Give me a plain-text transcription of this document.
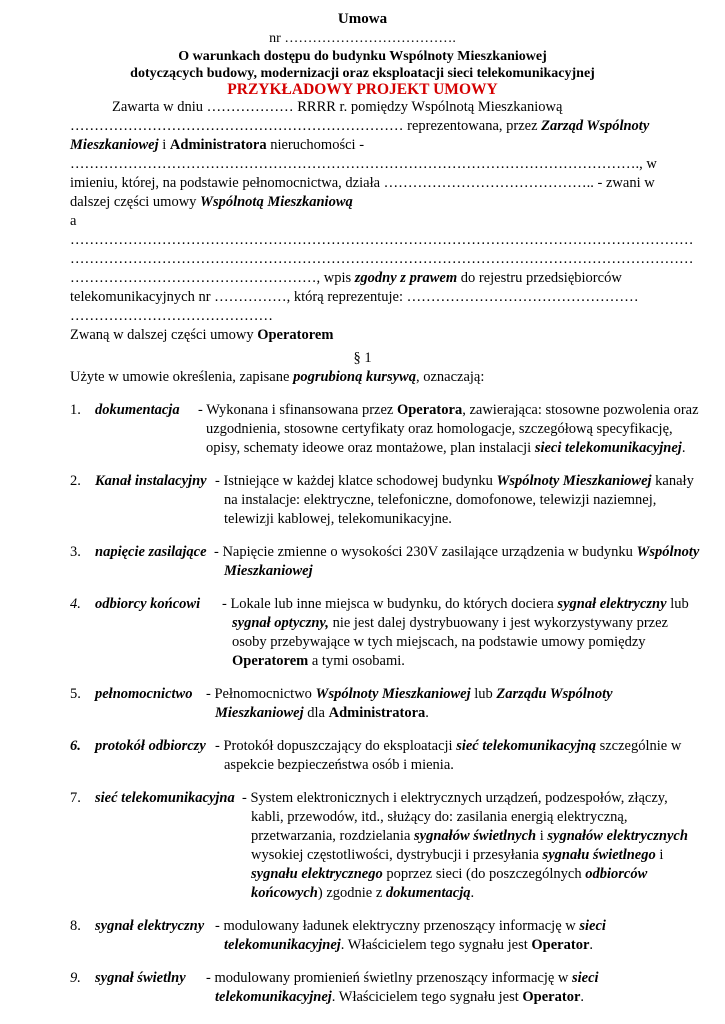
Umowa
nr ……………………………….
O warunkach dostępu do budynku Wspólnoty Mieszkaniowej
dotyczących budowy, modernizacji oraz eksploatacji sieci telekomunikacyjnej
PRZYKŁADOWY PROJEKT UMOWY
Zawarta w dniu ……………… RRRR r. pomiędzy Wspólnotą Mieszkaniową
…………………………………………………………… reprezentowana, przez Zarząd Wspólnoty
Mieszkaniowej i Administratora nieruchomości -
………………………………………………………………………………………………………., w
imieniu, której, na podstawie pełnomocnictwa, działa …………………………………….. - zwani w
dalszej części umowy Wspólnotą Mieszkaniową
a
…………………………………………………………………………………………………………………
…………………………………………………………………………………………………………………
……………………………………………, wpis zgodny z prawem do rejestru przedsiębiorców
telekomunikacyjnych nr ……………, którą reprezentuje: …………………………………………
……………………………………
Zwaną w dalszej części umowy Operatorem
§ 1
Użyte w umowie określenia, zapisane pogrubioną kursywą, oznaczają:
1. dokumentacja - Wykonana i sfinansowana przez Operatora, zawierająca: stosowne pozwolenia oraz
uzgodnienia, stosowne certyfikaty oraz homologacje, szczegółową specyfikację,
opisy, schematy ideowe oraz montażowe, plan instalacji sieci telekomunikacyjnej.
2. Kanał instalacyjny - Istniejące w każdej klatce schodowej budynku Wspólnoty Mieszkaniowej kanały
na instalacje: elektryczne, telefoniczne, domofonowe, telewizji naziemnej,
telewizji kablowej, telekomunikacyjne.
3. napięcie zasilające - Napięcie zmienne o wysokości 230V zasilające urządzenia w budynku Wspólnoty
Mieszkaniowej
4. odbiorcy końcowi - Lokale lub inne miejsca w budynku, do których dociera sygnał elektryczny lub
sygnał optyczny, nie jest dalej dystrybuowany i jest wykorzystywany przez
osoby przebywające w tych miejscach, na podstawie umowy pomiędzy
Operatorem a tymi osobami.
5. pełnomocnictwo - Pełnomocnictwo Wspólnoty Mieszkaniowej lub Zarządu Wspólnoty
Mieszkaniowej dla Administratora.
6. protokół odbiorczy - Protokół dopuszczający do eksploatacji sieć telekomunikacyjną szczególnie w
aspekcie bezpieczeństwa osób i mienia.
7. sieć telekomunikacyjna - System elektronicznych i elektrycznych urządzeń, podzespołów, złączy,
kabli, przewodów, itd., służący do: zasilania energią elektryczną,
przetwarzania, rozdzielania sygnałów świetlnych i sygnałów elektrycznych
wysokiej częstotliwości, dystrybucji i przesyłania sygnału świetlnego i
sygnału elektrycznego poprzez sieci (do poszczególnych odbiorców
końcowych) zgodnie z dokumentacją.
8. sygnał elektryczny - modulowany ładunek elektryczny przenoszący informację w sieci
telekomunikacyjnej. Właścicielem tego sygnału jest Operator.
9. sygnał świetlny - modulowany promienień świetlny przenoszący informację w sieci
telekomunikacyjnej. Właścicielem tego sygnału jest Operator.
